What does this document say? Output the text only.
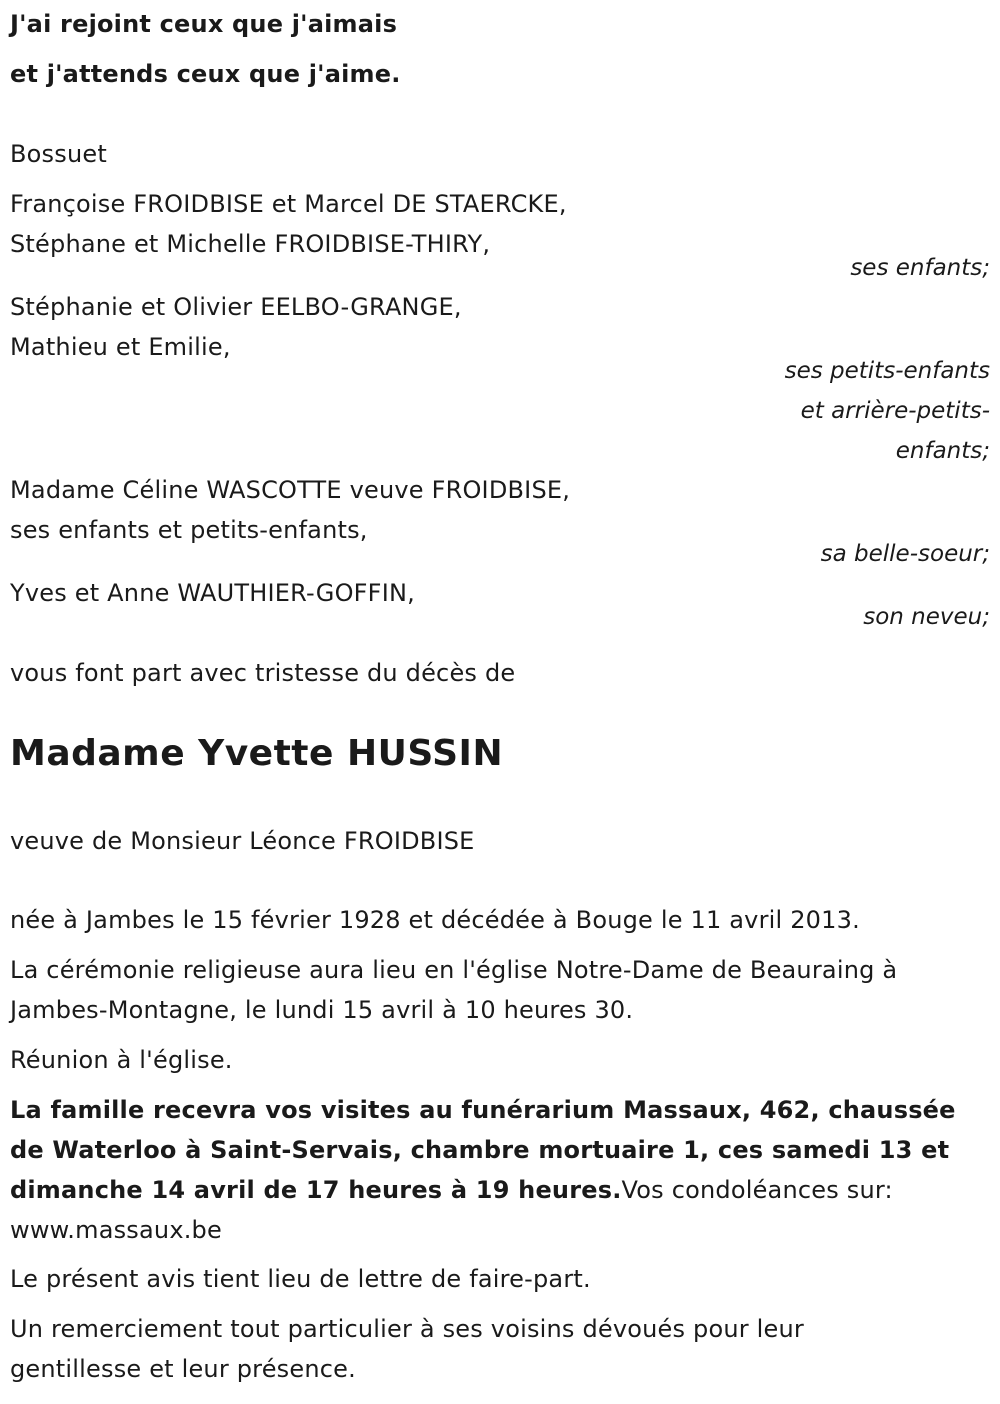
J'ai rejoint ceux que j'aimais
et j'attends ceux que j'aime.
Bossuet
Françoise FROIDBISE et Marcel DE STAERCKE,
Stéphane et Michelle FROIDBISE-THIRY,
ses enfants;
Stéphanie et Olivier EELBO-GRANGE,
Mathieu et Emilie,
ses petits-enfants
et arrière-petits-
enfants;
Madame Céline WASCOTTE veuve FROIDBISE,
ses enfants et petits-enfants,
sa belle-soeur;
Yves et Anne WAUTHIER-GOFFIN,
son neveu;
vous font part avec tristesse du décès de
Madame Yvette HUSSIN
veuve de Monsieur Léonce FROIDBISE
née à Jambes le 15 février 1928 et décédée à Bouge le 11 avril 2013.
La cérémonie religieuse aura lieu en l'église Notre-Dame de Beauraing à
Jambes-Montagne, le lundi 15 avril à 10 heures 30.
Réunion à l'église.
La famille recevra vos visites au funérarium Massaux, 462, chaussée
de Waterloo à Saint-Servais, chambre mortuaire 1, ces samedi 13 et
dimanche 14 avril de 17 heures à 19 heures.Vos condoléances sur:
www.massaux.be
Le présent avis tient lieu de lettre de faire-part.
Un remerciement tout particulier à ses voisins dévoués pour leur
gentillesse et leur présence.
